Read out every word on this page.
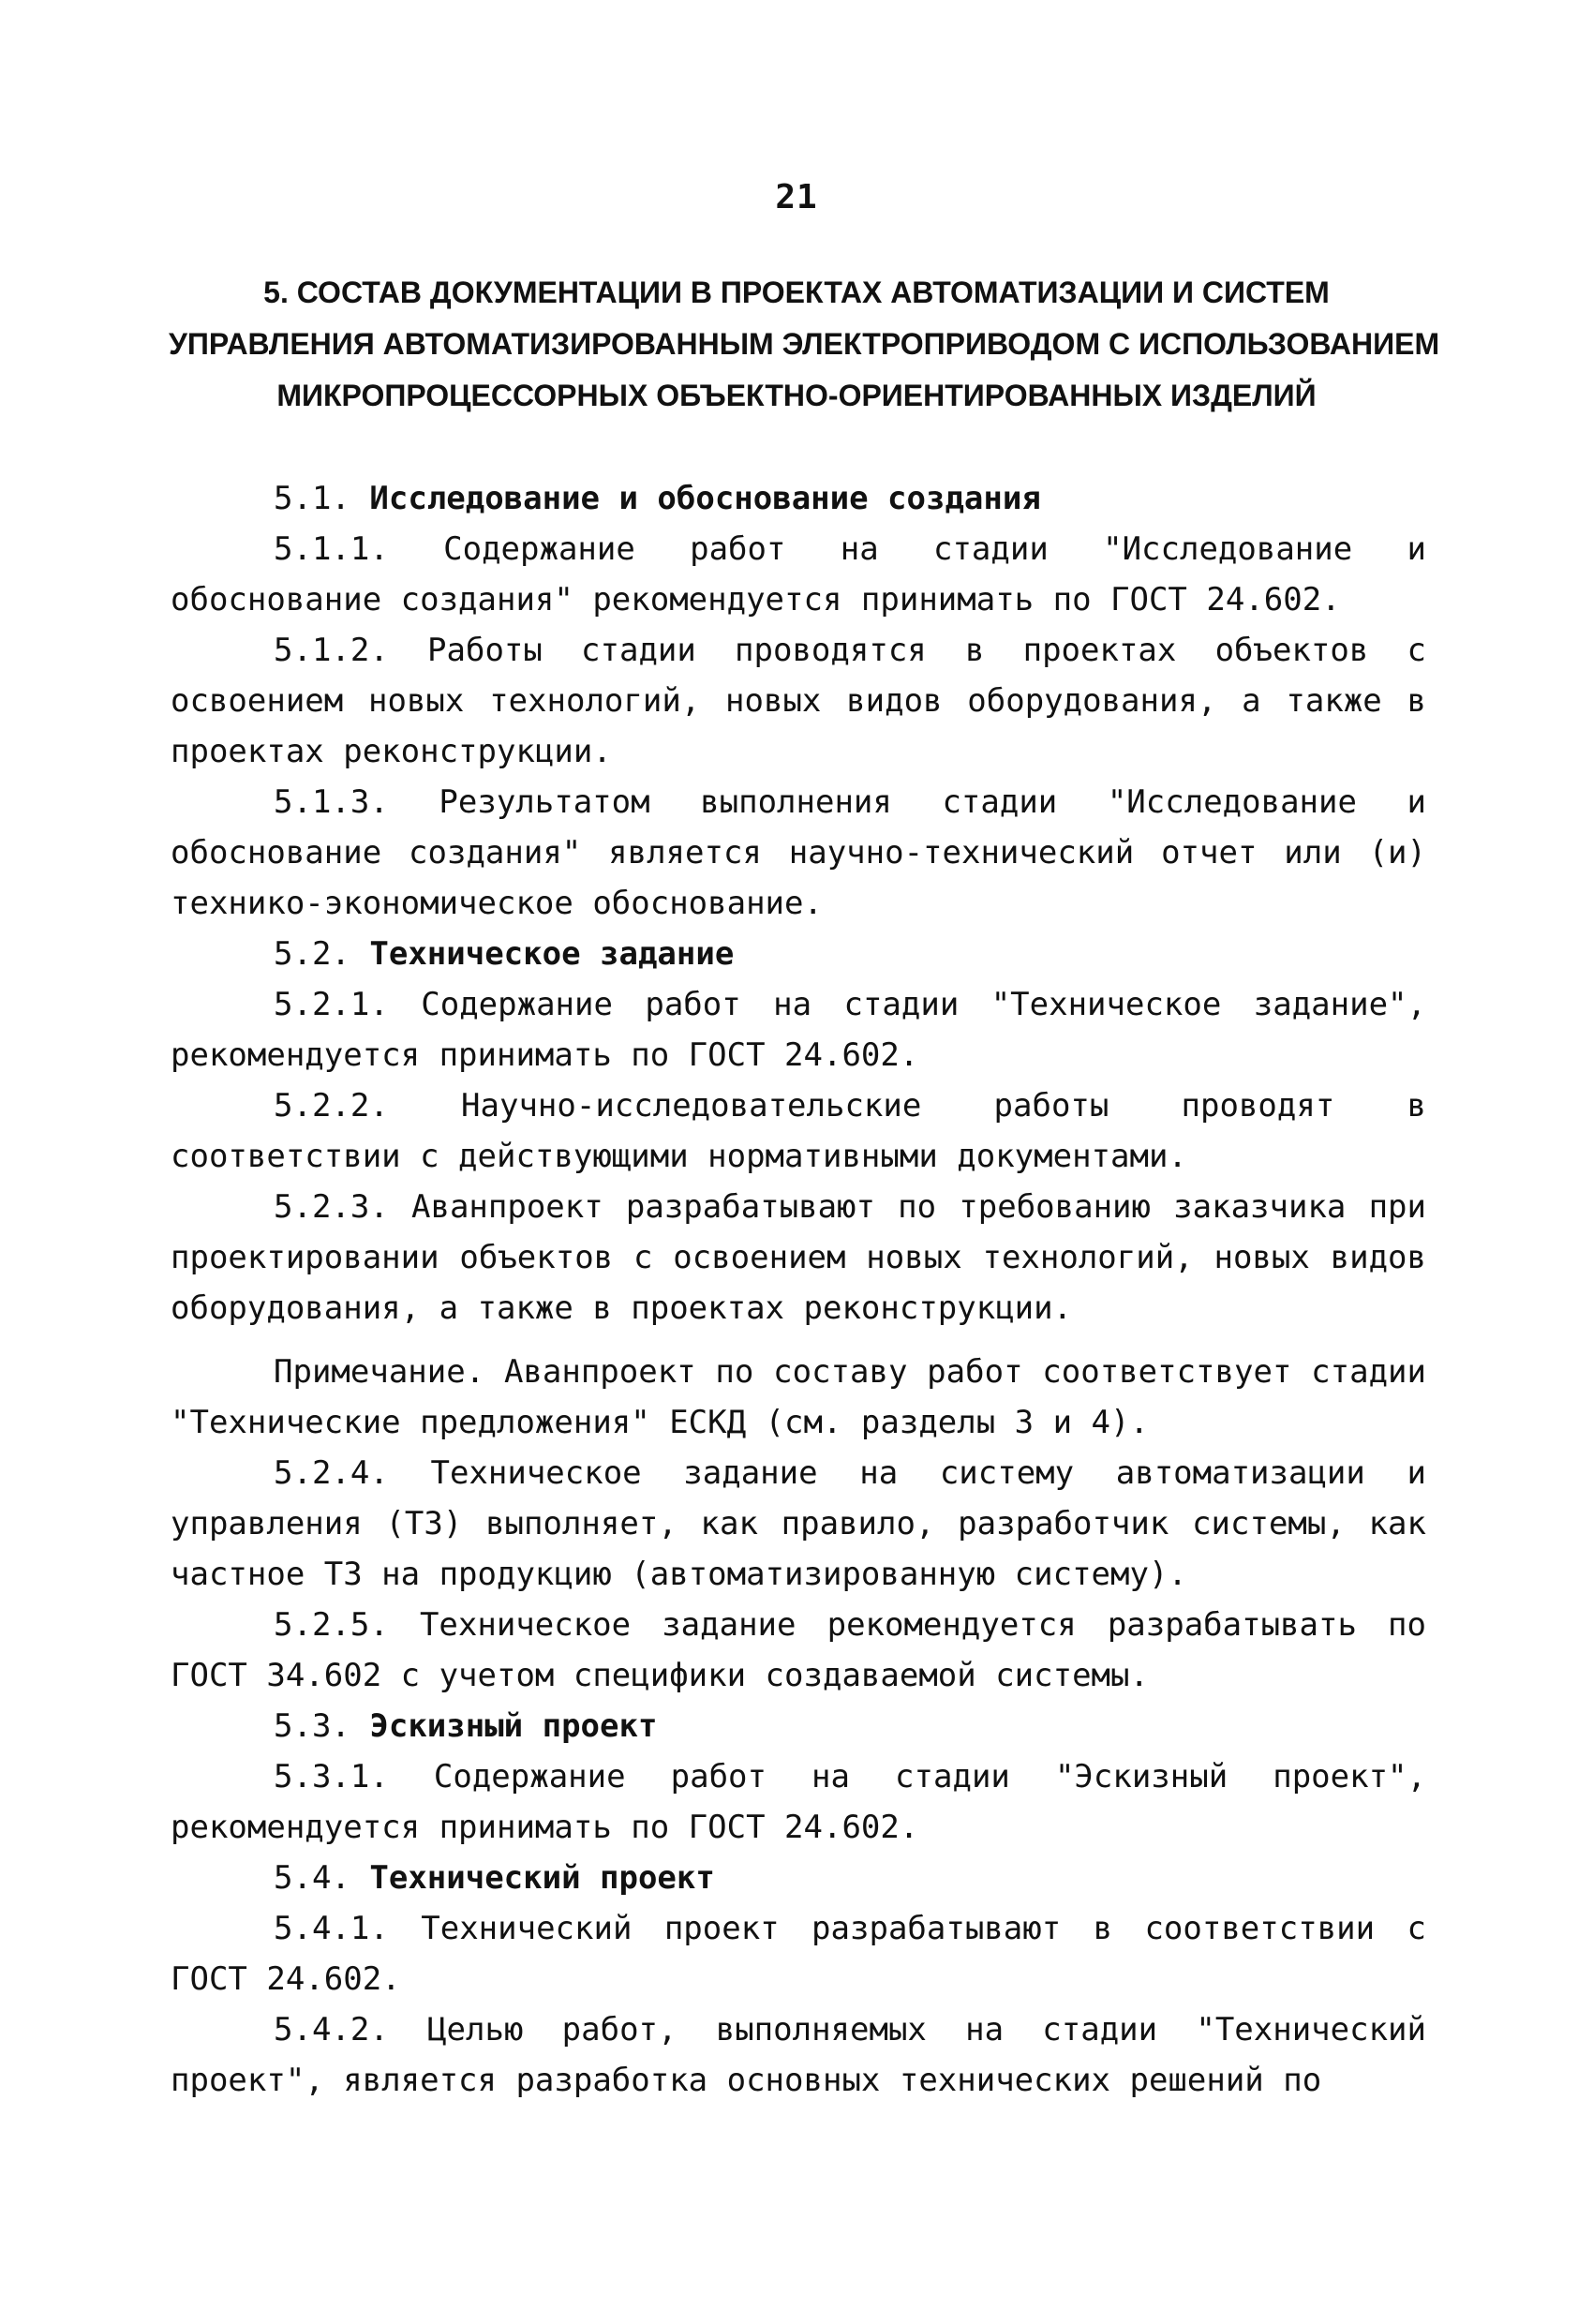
21
5. СОСТАВ ДОКУМЕНТАЦИИ В ПРОЕКТАХ АВТОМАТИЗАЦИИ И СИСТЕМ
УПРАВЛЕНИЯ АВТОМАТИЗИРОВАННЫМ ЭЛЕКТРОПРИВОДОМ С ИСПОЛЬЗОВАНИЕМ
МИКРОПРОЦЕССОРНЫХ ОБЪЕКТНО-ОРИЕНТИРОВАННЫХ ИЗДЕЛИЙ

5.1. Исследование и обоснование создания

5.1.1. Содержание работ на стадии "Исследование и обоснование создания" рекомендуется принимать по ГОСТ 24.602.

5.1.2. Работы стадии проводятся в проектах объектов с освоением новых технологий, новых видов оборудования, а также в проектах реконструкции.

5.1.3. Результатом выполнения стадии "Исследование и обоснование создания" является научно-технический отчет или (и) технико-экономическое обоснование.

5.2. Техническое задание

5.2.1. Содержание работ на стадии "Техническое задание", рекомендуется принимать по ГОСТ 24.602.

5.2.2. Научно-исследовательские работы проводят в соответствии с действующими нормативными документами.

5.2.3. Аванпроект разрабатывают по требованию заказчика при проектировании объектов с освоением новых технологий, новых видов оборудования, а также в проектах реконструкции.

Примечание. Аванпроект по составу работ соответствует стадии "Технические предложения" ЕСКД (см. разделы 3 и 4).

5.2.4. Техническое задание на систему автоматизации и управления (ТЗ) выполняет, как правило, разработчик системы, как частное ТЗ на продукцию (автоматизированную систему).

5.2.5. Техническое задание рекомендуется разрабатывать по ГОСТ 34.602 с учетом специфики создаваемой системы.

5.3. Эскизный проект

5.3.1. Содержание работ на стадии "Эскизный проект", рекомендуется принимать по ГОСТ 24.602.

5.4. Технический проект

5.4.1. Технический проект разрабатывают в соответствии с ГОСТ 24.602.

5.4.2. Целью работ, выполняемых на стадии "Технический проект", является разработка основных технических решений по
